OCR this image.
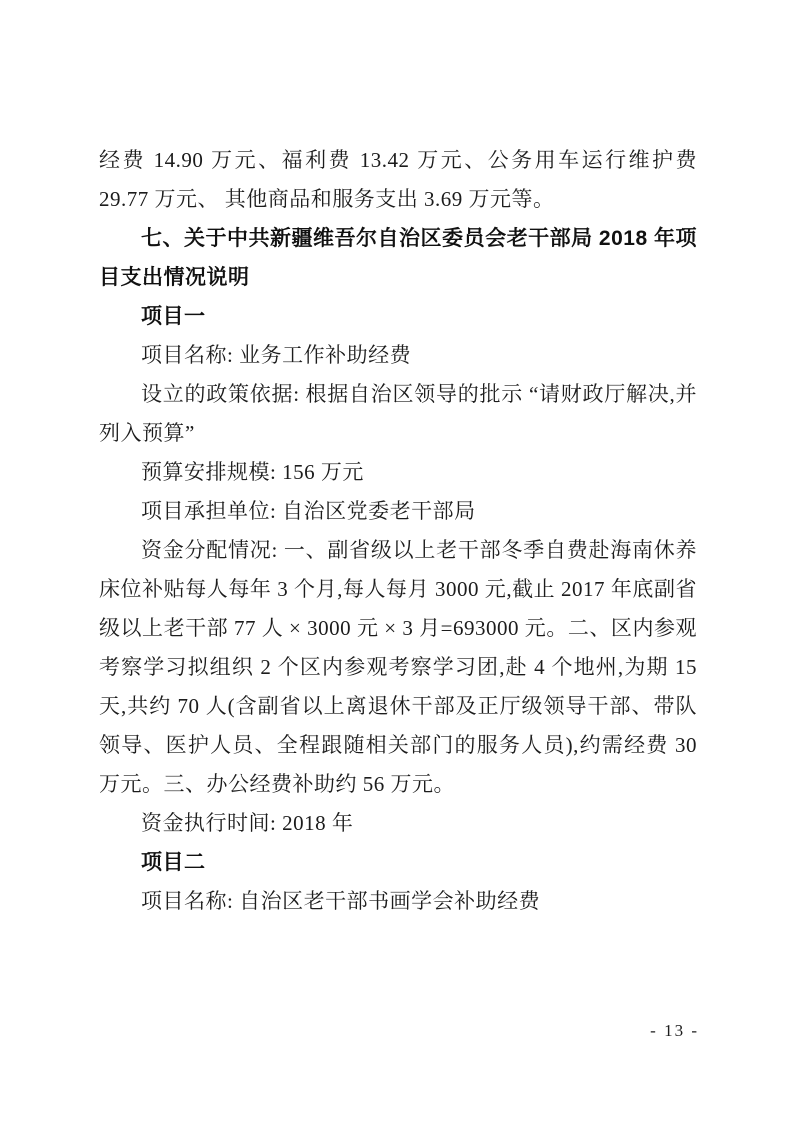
经费 14.90 万元、福利费 13.42 万元、公务用车运行维护费 29.77 万元、 其他商品和服务支出 3.69 万元等。

七、关于中共新疆维吾尔自治区委员会老干部局 2018 年项目支出情况说明

项目一

项目名称: 业务工作补助经费

设立的政策依据: 根据自治区领导的批示 “请财政厅解决,并列入预算”

预算安排规模: 156 万元

项目承担单位: 自治区党委老干部局

资金分配情况: 一、副省级以上老干部冬季自费赴海南休养床位补贴每人每年 3 个月,每人每月 3000 元,截止 2017 年底副省级以上老干部 77 人 × 3000 元 × 3 月=693000 元。二、区内参观考察学习拟组织 2 个区内参观考察学习团,赴 4 个地州,为期 15 天,共约 70 人(含副省以上离退休干部及正厅级领导干部、带队领导、医护人员、全程跟随相关部门的服务人员),约需经费 30 万元。三、办公经费补助约 56 万元。

资金执行时间: 2018 年

项目二

项目名称: 自治区老干部书画学会补助经费

- 13 -
